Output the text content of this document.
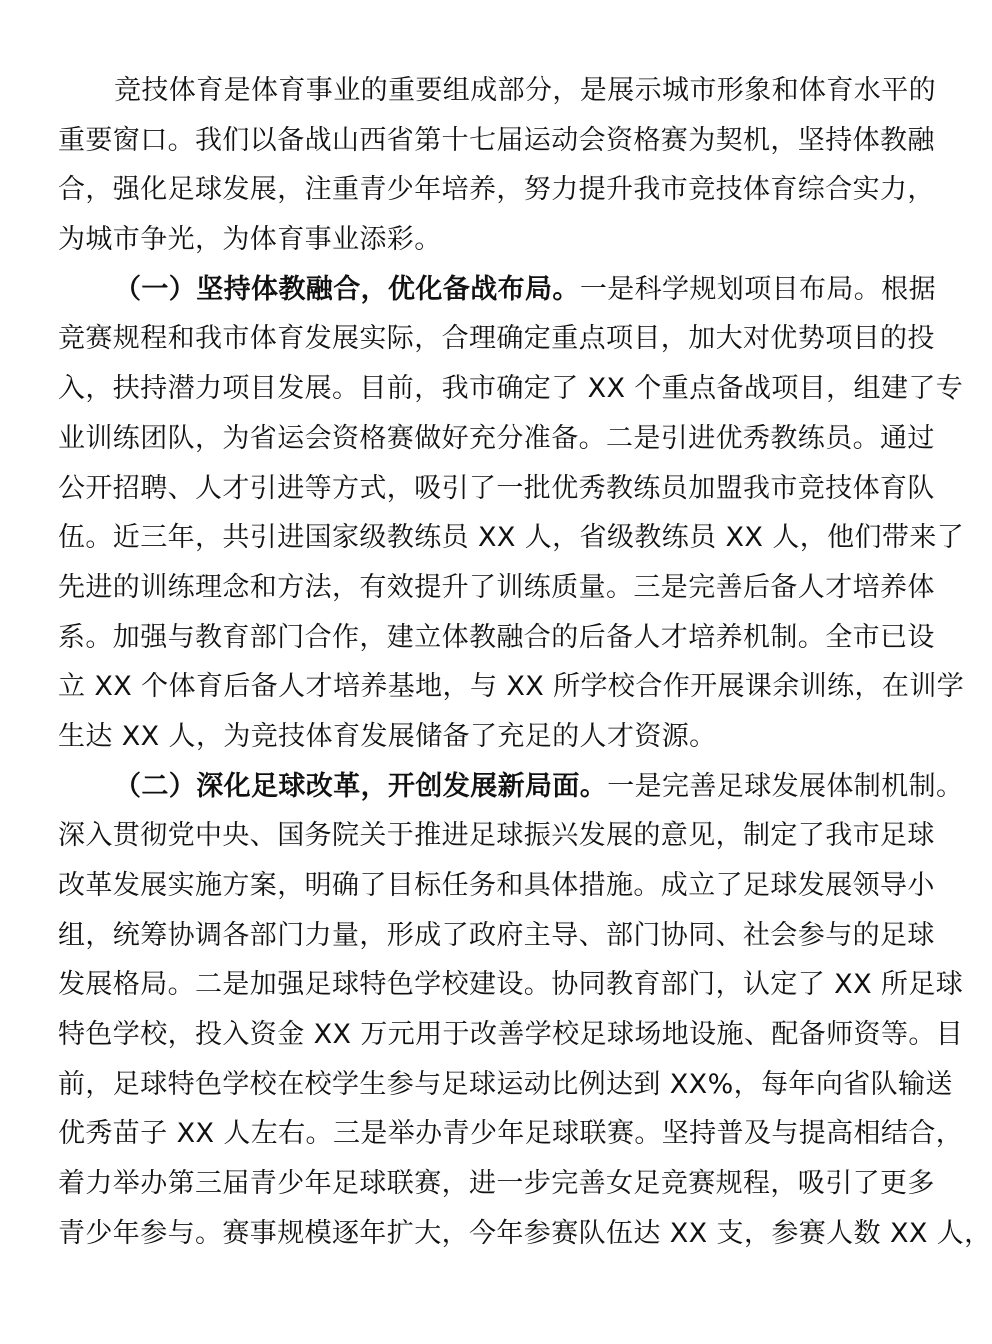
竞技体育是体育事业的重要组成部分，是展示城市形象和体育水平的
重要窗口。我们以备战山西省第十七届运动会资格赛为契机，坚持体教融
合，强化足球发展，注重青少年培养，努力提升我市竞技体育综合实力，
为城市争光，为体育事业添彩。

（一）坚持体教融合，优化备战布局。一是科学规划项目布局。根据
竞赛规程和我市体育发展实际，合理确定重点项目，加大对优势项目的投
入，扶持潜力项目发展。目前，我市确定了 XX 个重点备战项目，组建了专
业训练团队，为省运会资格赛做好充分准备。二是引进优秀教练员。通过
公开招聘、人才引进等方式，吸引了一批优秀教练员加盟我市竞技体育队
伍。近三年，共引进国家级教练员 XX 人，省级教练员 XX 人，他们带来了
先进的训练理念和方法，有效提升了训练质量。三是完善后备人才培养体
系。加强与教育部门合作，建立体教融合的后备人才培养机制。全市已设
立 XX 个体育后备人才培养基地，与 XX 所学校合作开展课余训练，在训学
生达 XX 人，为竞技体育发展储备了充足的人才资源。

（二）深化足球改革，开创发展新局面。一是完善足球发展体制机制。
深入贯彻党中央、国务院关于推进足球振兴发展的意见，制定了我市足球
改革发展实施方案，明确了目标任务和具体措施。成立了足球发展领导小
组，统筹协调各部门力量，形成了政府主导、部门协同、社会参与的足球
发展格局。二是加强足球特色学校建设。协同教育部门，认定了 XX 所足球
特色学校，投入资金 XX 万元用于改善学校足球场地设施、配备师资等。目
前，足球特色学校在校学生参与足球运动比例达到 XX%，每年向省队输送
优秀苗子 XX 人左右。三是举办青少年足球联赛。坚持普及与提高相结合，
着力举办第三届青少年足球联赛，进一步完善女足竞赛规程，吸引了更多
青少年参与。赛事规模逐年扩大，今年参赛队伍达 XX 支，参赛人数 XX 人，
